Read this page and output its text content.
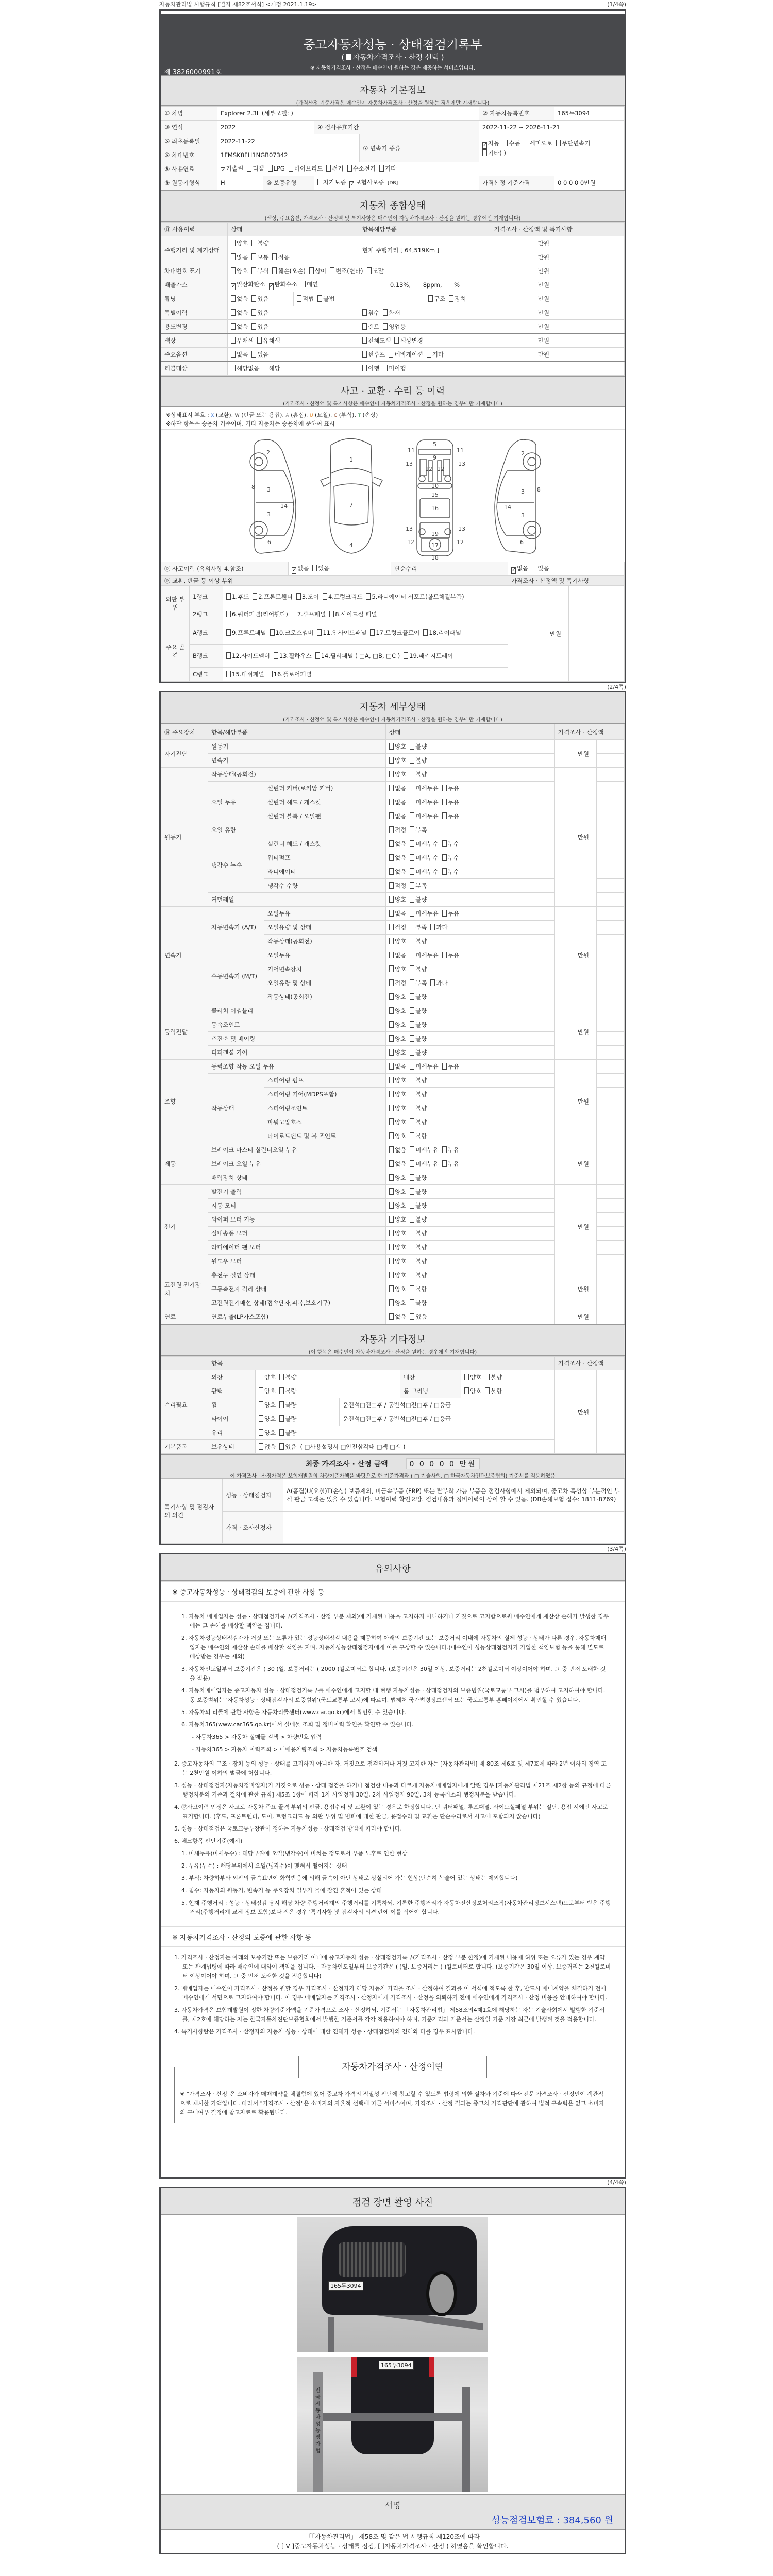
자동차관리법 시행규칙 [별지 제82호서식] <개정 2021.1.19>	(1/4쪽)
중고자동차성능 · 상태점검기록부
( 자동차가격조사 · 산정 선택 )
※ 자동차가격조사 · 산정은 매수인이 원하는 경우 제공하는 서비스입니다.
제 3826000991호
자동차 기본정보
(가격산정 기준가격은 매수인이 자동차가격조사 · 산정을 원하는 경우에만 기재합니다)
① 차명	Explorer 2.3L (세부모델: )				② 자동차등록번호	165두3094
③ 연식	2022		④ 검사유효기간		2022-11-22 ~ 2026-11-21	
⑤ 최초등록일	2022-11-22			⑦ 변속기 종류	✓ 자동 수동 세미오토 무단변속기기타( )	
⑥ 차대번호	1FMSK8FH1NGB07342					
⑧ 사용연료	✓ 가솔린 디젤 LPG 하이브리드 전기 수소전기 기타					
⑨ 원동기형식	H	⑩ 보증유형	자가보증 ✓ 보험사보증 [DB]		가격산정 기준가격	0 0 0 0 0만원
자동차 종합상태
(색상, 주요옵션, 가격조사 · 산정액 및 특기사항은 매수인이 자동차가격조사 · 산정을 원하는 경우에만 기재합니다)
⑪ 사용이력	상태		항목해당부품		가격조사 · 산정액 및 특기사항	
주행거리 및 계기상태	양호 불량		현재 주행거리 [ 64,519Km ]		만원	
	많음 보통 적음				만원	
차대번호 표기	양호 부식 훼손(오손) 상이 변조(변타) 도말				만원	
배출가스	✓ 일산화탄소 ✓ 탄화수소 매연		0.13%, 8ppm, %		만원	
튜닝	없음 있음	적법 불법		구조 장치	만원	
특별이력	없음 있음		침수 화재		만원	
용도변경	없음 있음		렌트 영업용		만원	
색상	무채색 유채색		전체도색 색상변경		만원	
주요옵션	없음 있음		썬루프 네비게이션 기타		만원	
리콜대상	해당없음 해당		이행 미이행			
사고 · 교환 · 수리 등 이력
(가격조사 · 산정액 및 특기사항은 매수인이 자동차가격조사 · 산정을 원하는 경우에만 기재합니다)
※상태표시 부호 : X (교환), W (판금 또는 용접), A (흠집), U (요철), C (부식), T (손상)
※하단 항목은 승용차 기준이며, 기타 자동차는 승용차에 준하여 표시
2
8 3
3
14
6
1
7
4
5
9
11	11
13	13
12 12
10
15
16
13	13
19
12	12
17
18
2
3 8
14
3
6
⑫ 사고이력 (유의사항 4.참조)			✓ 없음 있음	단순수리	✓ 없음 있음	
⑬ 교환, 판금 등 이상 부위					가격조사 · 산정액 및 특기사항	
외판 부위	1랭크	1.후드 2.프론트휀더 3.도어 4.트렁크리드 5.라디에이터 서포트(볼트체결부품)			만원	
	2랭크	6.쿼터패널(리어휀다) 7.루프패널 8.사이드실 패널				
주요 골격	A랭크	9.프론트패널 10.크로스멤버 11.인사이드패널 17.트렁크플로어 18.리어패널				
	B랭크	12.사이드멤버 13.휠하우스 14.필러패널 ( □A, □B, □C ) 19.패키지트레이				
	C랭크	15.대쉬패널 16.플로어패널				
(2/4쪽)
자동차 세부상태
(가격조사 · 산정액 및 특기사항은 매수인이 자동차가격조사 · 산정을 원하는 경우에만 기재합니다)
⑭ 주요장치	항목/해당부품		상태	가격조사 · 산정액	
자기진단	원동기		양호 불량	만원	
	변속기		양호 불량		
원동기	작동상태(공회전)		양호 불량	만원	
	오일 누유	실린더 커버(로커암 커버)	없음 미세누유 누유		
		실린더 헤드 / 개스킷	없음 미세누유 누유		
		실린더 블록 / 오일팬	없음 미세누유 누유		
	오일 유량		적정 부족		
	냉각수 누수	실린더 헤드 / 개스킷	없음 미세누수 누수		
		워터펌프	없음 미세누수 누수		
		라디에이터	없음 미세누수 누수		
		냉각수 수량	적정 부족		
	커먼레일		양호 불량		
변속기	자동변속기 (A/T)	오일누유	없음 미세누유 누유	만원	
		오일유량 및 상태	적정 부족 과다		
		작동상태(공회전)	양호 불량		
	수동변속기 (M/T)	오일누유	없음 미세누유 누유		
		기어변속장치	양호 불량		
		오일유량 및 상태	적정 부족 과다		
		작동상태(공회전)	양호 불량		
동력전달	클러치 어셈블리		양호 불량	만원	
	등속조인트		양호 불량		
	추진축 및 베어링		양호 불량		
	디퍼렌셜 기어		양호 불량		
조향	동력조향 작동 오일 누유		없음 미세누유 누유	만원	
	작동상태	스티어링 펌프	양호 불량		
		스티어링 기어(MDPS포함)	양호 불량		
		스티어링조인트	양호 불량		
		파워고압호스	양호 불량		
		타이로드엔드 및 볼 조인트	양호 불량		
제동	브레이크 마스터 실린더오일 누유		없음 미세누유 누유	만원	
	브레이크 오일 누유		없음 미세누유 누유		
	배력장치 상태		양호 불량		
전기	발전기 출력		양호 불량	만원	
	시동 모터		양호 불량		
	와이퍼 모터 기능		양호 불량		
	실내송풍 모터		양호 불량		
	라디에이터 팬 모터		양호 불량		
	윈도우 모터		양호 불량		
고전원 전기장치	충전구 절연 상태		양호 불량	만원	
	구동축전지 격리 상태		양호 불량		
	고전원전기배선 상태(접속단자,피복,보호기구)		양호 불량		
연료	연료누출(LP가스포함)		없음 있음	만원	
자동차 기타정보
(이 항목은 매수인이 자동차가격조사 · 산정을 원하는 경우에만 기재합니다)
	항목					가격조사 · 산정액	
수리필요	외장	양호 불량		내장	양호 불량	만원	
	광택	양호 불량		룸 크리닝	양호 불량		
	휠	양호 불량	운전석□전□후 / 동반석□전□후 / □응급				
	타이어	양호 불량	운전석□전□후 / 동반석□전□후 / □응급				
	유리	양호 불량					
기본품목	보유상태	없음 있음 ( □사용설명서 □안전삼각대 □잭 □잭 )					
최종 가격조사 · 산정 금액	0 0 0 0 0 만원
이 가격조사 · 산정가격은 보험개발원의 차량기준가액을 바탕으로 한 기준가격과 ( □ 기술사회, □ 한국자동차진단보증협회) 기준서를 적용하였음
특기사항 및 점검자의 의견	성능 · 상태점검자	A(흠집)U(요철)T(손상) 보증제외, 비금속부품 (FRP) 또는 탈부착 가능 부품은 점검사항에서 제외되며, 중고차 특성상 부분적인 부식 판금 도색은 있을 수 있습니다. 보험이력 확인요망. 점검내용과 정비이력이 상이 할 수 있음. (DB손해보험 접수: 1811-8769)
	가격 · 조사산정자	
(3/4쪽)
유의사항
※ 중고자동차성능 · 상태점검의 보증에 관한 사항 등
1. 자동차 매매업자는 성능 · 상태점검기록부(가격조사 · 산정 부분 제외)에 기재된 내용을 고지하지 아니하거나 거짓으로 고지함으로써 매수인에게 재산상 손해가 발생한 경우에는 그 손해를 배상할 책임을 집니다.
2. 자동차성능상태점검자가 거짓 또는 오류가 있는 성능상태점검 내용을 제공하여 아래의 보증기간 또는 보증거리 이내에 자동차의 실제 성능 · 상태가 다른 경우, 자동차매매업자는 매수인의 재산상 손해를 배상할 책임을 지며, 자동차성능상태점검자에게 이를 구상할 수 있습니다.(매수인이 성능상태점검자가 가입한 책임보험 등을 통해 별도로 배상받는 경우는 제외)
3. 자동차인도일부터 보증기간은 ( 30 )일, 보증거리는 ( 2000 )킬로미터로 합니다. (보증기간은 30일 이상, 보증거리는 2천킬로미터 이상이어야 하며, 그 중 먼저 도래한 것을 적용)
4. 자동차매매업자는 중고자동차 성능 · 상태점검기록부를 매수인에게 고지할 때 현행 자동차성능 · 상태점검자의 보증범위(국토교통부 고시)를 첨부하여 고지하여야 합니다. 동 보증범위는 '자동차성능 · 상태점검자의 보증범위'(국토교통부 고시)에 따르며, 법제처 국가법령정보센터 또는 국토교통부 홈페이지에서 확인할 수 있습니다.
5. 자동차의 리콜에 관한 사항은 자동차리콜센터(www.car.go.kr)에서 확인할 수 있습니다.
6. 자동차365(www.car365.go.kr)에서 실매물 조회 및 정비이력 확인을 확인할 수 있습니다.
- 자동차365 > 자동차 실매물 검색 > 차량번호 입력
- 자동차365 > 자동차 이력조회 > 매매용차량조회 > 자동차등록번호 검색
2. 중고자동차의 구조 · 장치 등의 성능 · 상태를 고지하지 아니한 자, 거짓으로 점검하거나 거짓 고지한 자는 [자동차관리법] 제 80조 제6호 및 제7호에 따라 2년 이하의 징역 또는 2천만원 이하의 벌금에 처합니다.
3. 성능 · 상태점검자(자동차정비업자)가 거짓으로 성능 · 상태 점검을 하거나 점검한 내용과 다르게 자동차매매업자에게 알린 경우 [자동차관리법 제21조 제2항 등의 규정에 따른 행정처분의 기준과 절차에 관한 규칙] 제5조 1항에 따라 1차 사업정지 30일, 2차 사업정지 90일, 3차 등록취소의 행정처분을 받습니다.
4. ⑫사고이력 인정은 사고로 자동차 주요 골격 부위의 판금, 용접수리 및 교환이 있는 경우로 한정합니다. 단 쿼터패널, 루프패널, 사이드실패널 부위는 절단, 용접 시에만 사고로 표기합니다. (후드, 프론트펜더, 도어, 트렁크리드 등 외판 부위 및 범퍼에 대한 판금, 용접수리 및 교환은 단순수리로서 사고에 포함되지 않습니다)
5. 성능 · 상태점검은 국토교통부장관이 정하는 자동차성능 · 상태점검 방법에 따라야 합니다.
6. 체크항목 판단기준(예시)
1. 미세누유(미세누수) : 해당부위에 오일(냉각수)이 비치는 정도로서 부품 노후로 인한 현상
2. 누유(누수) : 해당부위에서 오일(냉각수)이 맺혀서 떨어지는 상태
3. 부식: 차량하부와 외판의 금속표면이 화학반응에 의해 금속이 아닌 상태로 상실되어 가는 현상(단순히 녹슬어 있는 상태는 제외합니다)
4. 침수: 자동차의 원동기, 변속기 등 주요장치 일부가 물에 잠긴 흔적이 있는 상태
5. 현재 주행거리 : 성능 · 상태점검 당시 해당 차량 주행거리계의 주행거리를 기록하되, 기록한 주행거리가 자동차전산정보처리조직(자동차관리정보시스템)으로부터 받은 주행거리(주행거리계 교체 정보 포함)보다 적은 경우 '특기사항 및 점검자의 의견'란에 이를 적어야 합니다.
※ 자동차가격조사 · 산정의 보증에 관한 사항 등
1. 가격조사 · 산정자는 아래의 보증기간 또는 보증거리 이내에 중고자동차 성능 · 상태점검기록부(가격조사 · 산정 부분 한정)에 기재된 내용에 허위 또는 오류가 있는 경우 계약 또는 관계법령에 따라 매수인에 대하여 책임을 집니다. · 자동차인도일부터 보증기간은 ( )일, 보증거리는 ( )킬로미터로 합니다. (보증기간은 30일 이상, 보증거리는 2천킬로미터 이상이어야 하며, 그 중 먼저 도래한 것을 적용합니다)
2. 매매업자는 매수인이 가격조사 · 산정을 원할 경우 가격조사 · 산정자가 해당 자동차 가격을 조사 · 산정하여 결과를 이 서식에 적도록 한 후, 반드시 매매계약을 체결하기 전에 매수인에게 서면으로 고지하여야 합니다. 이 경우 매매업자는 가격조사 · 산정자에게 가격조사 · 산정을 의뢰하기 전에 매수인에게 가격조사 · 산정 비용을 안내하여야 합니다.
3. 자동차가격은 보험개발원이 정한 차량기준가액을 기준가격으로 조사 · 산정하되, 기준서는 「자동차관리법」 제58조의4제1호에 해당하는 자는 기술사회에서 발행한 기준서를, 제2호에 해당하는 자는 한국자동차진단보증협회에서 발행한 기준서를 각각 적용하여야 하며, 기준가격과 기준서는 산정일 기준 가장 최근에 발행된 것을 적용합니다.
4. 특기사항란은 가격조사 · 산정자의 자동차 성능 · 상태에 대한 견해가 성능 · 상태점검자의 견해와 다를 경우 표시합니다.
자동차가격조사 · 산정이란
※ "가격조사 · 산정"은 소비자가 매매계약을 체결함에 있어 중고차 가격의 적절성 판단에 참고할 수 있도록 법령에 의한 절차와 기준에 따라 전문 가격조사 · 산정인이 객관적으로 제시한 가액입니다. 따라서 "가격조사 · 산정"은 소비자의 자율적 선택에 따른 서비스이며, 가격조사 · 산정 결과는 중고차 가격판단에 관하여 법적 구속력은 없고 소비자의 구매여부 결정에 참고자료로 활용됩니다.
(4/4쪽)
점검 장면 촬영 사진
165두3094
전국자동차성능평가협
165두3094
서명
성능점검보험료 : 384,560 원
「「자동차관리법」 제58조 및 같은 법 시행규칙 제120조에 따라
( [ V ]중고자동차성능 · 상태를 점검, [ ]자동차가격조사 · 산정 ) 하였음을 확인합니다.
